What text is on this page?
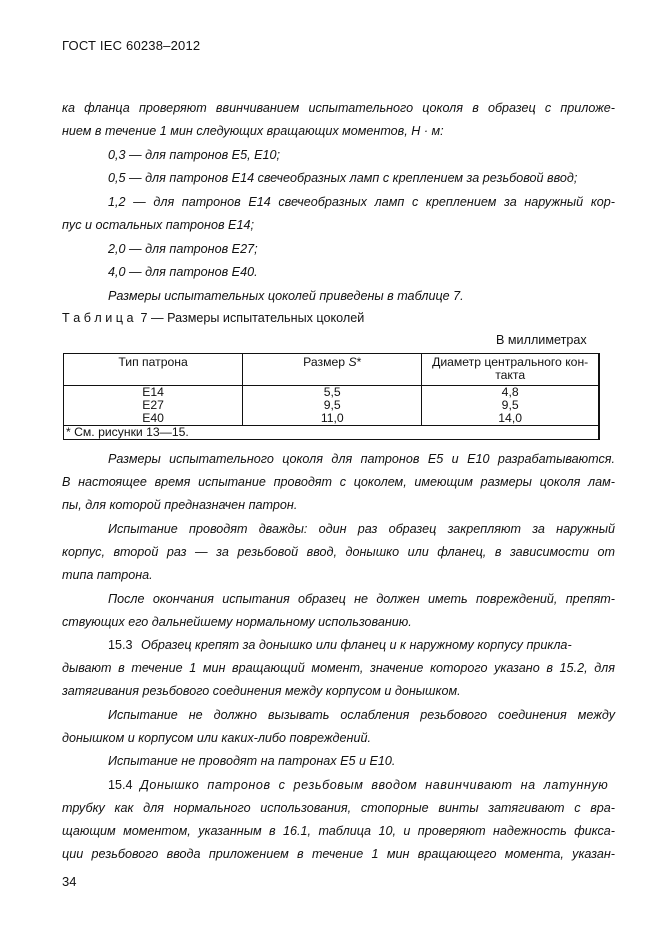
ГОСТ IEC 60238–2012
ка фланца проверяют ввинчиванием испытательного цоколя в образец с приложе-
нием в течение 1 мин следующих вращающих моментов, Н · м:
0,3 — для патронов Е5, Е10;
0,5 — для патронов Е14 свечеобразных ламп с креплением за резьбовой ввод;
1,2 — для патронов Е14 свечеобразных ламп с креплением за наружный кор-
пус и остальных патронов Е14;
2,0 — для патронов Е27;
4,0 — для патронов Е40.
Размеры испытательных цоколей приведены в таблице 7.
Т а б л и ц а  7 — Размеры испытательных цоколей
В миллиметрах
Тип патрона	Размер S*	Диаметр центрального кон-
такта
Е14	5,5	4,8
Е27	9,5	9,5
Е40	11,0	14,0
* См. рисунки 13—15.		
Размеры испытательного цоколя для патронов Е5 и Е10 разрабатываются.
В настоящее время испытание проводят с цоколем, имеющим размеры цоколя лам-
пы, для которой предназначен патрон.
Испытание проводят дважды: один раз образец закрепляют за наружный
корпус, второй раз — за резьбовой ввод, донышко или фланец, в зависимости от
типа патрона.
После окончания испытания образец не должен иметь повреждений, препят-
ствующих его дальнейшему нормальному использованию.
15.3 Образец крепят за донышко или фланец и к наружному корпусу прикла-
дывают в течение 1 мин вращающий момент, значение которого указано в 15.2, для
затягивания резьбового соединения между корпусом и донышком.
Испытание не должно вызывать ослабления резьбового соединения между
донышком и корпусом или каких-либо повреждений.
Испытание не проводят на патронах Е5 и Е10.
15.4 Донышко патронов с резьбовым вводом навинчивают на латунную
трубку как для нормального использования, стопорные винты затягивают с вра-
щающим моментом, указанным в 16.1, таблица 10, и проверяют надежность фикса-
ции резьбового ввода приложением в течение 1 мин вращающего момента, указан-
34
